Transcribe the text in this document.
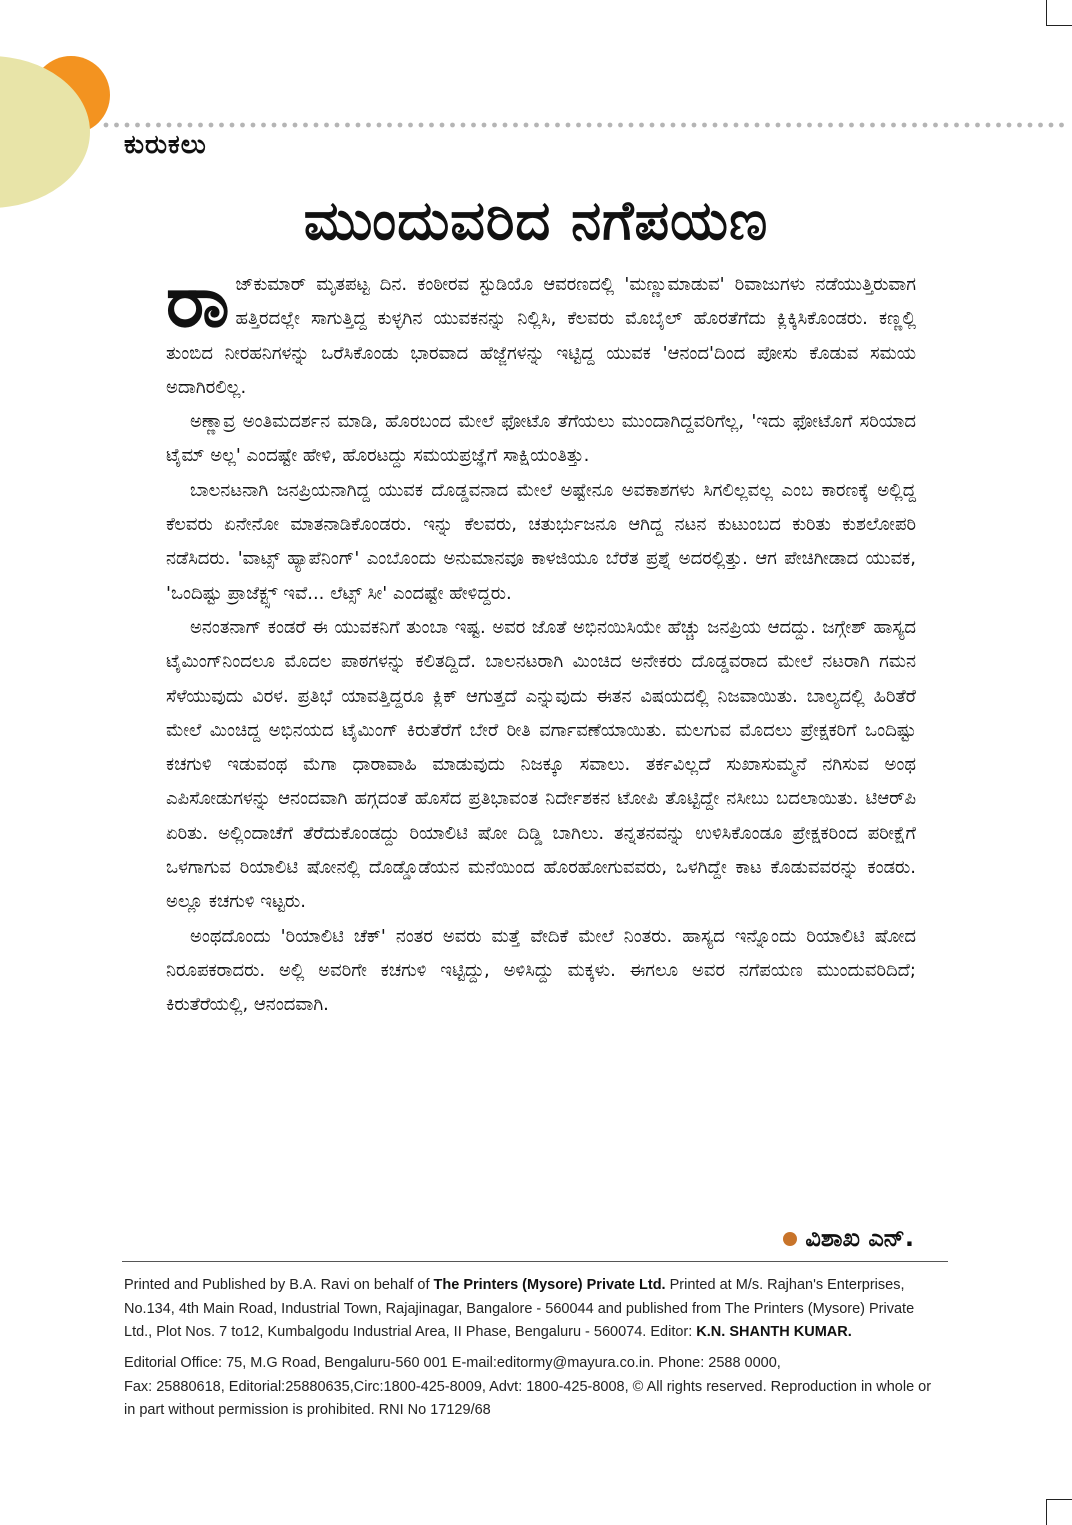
ಕುರುಕಲು
ಮುಂದುವರಿದ ನಗೆಪಯಣ

ರಾಜ್‌ಕುಮಾರ್ ಮೃತಪಟ್ಟ ದಿನ. ಕಂಠೀರವ ಸ್ಟುಡಿಯೊ ಆವರಣದಲ್ಲಿ 'ಮಣ್ಣುಮಾಡುವ' ರಿವಾಜುಗಳು ನಡೆಯುತ್ತಿರುವಾಗ ಹತ್ತಿರದಲ್ಲೇ ಸಾಗುತ್ತಿದ್ದ ಕುಳ್ಳಗಿನ ಯುವಕನನ್ನು ನಿಲ್ಲಿಸಿ, ಕೆಲವರು ಮೊಬೈಲ್ ಹೊರತೆಗೆದು ಕ್ಲಿಕ್ಕಿಸಿಕೊಂಡರು. ಕಣ್ಣಲ್ಲಿ ತುಂಬಿದ ನೀರಹನಿಗಳನ್ನು ಒರೆಸಿಕೊಂಡು ಭಾರವಾದ ಹೆಜ್ಜೆಗಳನ್ನು ಇಟ್ಟಿದ್ದ ಯುವಕ 'ಆನಂದ'ದಿಂದ ಪೋಸು ಕೊಡುವ ಸಮಯ ಅದಾಗಿರಲಿಲ್ಲ.

ಅಣ್ಣಾವ್ರ ಅಂತಿಮದರ್ಶನ ಮಾಡಿ, ಹೊರಬಂದ ಮೇಲೆ ಫೋಟೊ ತೆಗೆಯಲು ಮುಂದಾಗಿದ್ದವರಿಗೆಲ್ಲ, 'ಇದು ಫೋಟೊಗೆ ಸರಿಯಾದ ಟೈಮ್ ಅಲ್ಲ' ಎಂದಷ್ಟೇ ಹೇಳಿ, ಹೊರಟದ್ದು ಸಮಯಪ್ರಜ್ಞೆಗೆ ಸಾಕ್ಷಿಯಂತಿತ್ತು.

ಬಾಲನಟನಾಗಿ ಜನಪ್ರಿಯನಾಗಿದ್ದ ಯುವಕ ದೊಡ್ಡವನಾದ ಮೇಲೆ ಅಷ್ಟೇನೂ ಅವಕಾಶಗಳು ಸಿಗಲಿಲ್ಲವಲ್ಲ ಎಂಬ ಕಾರಣಕ್ಕೆ ಅಲ್ಲಿದ್ದ ಕೆಲವರು ಏನೇನೋ ಮಾತನಾಡಿಕೊಂಡರು. ಇನ್ನು ಕೆಲವರು, ಚತುರ್ಭುಜನೂ ಆಗಿದ್ದ ನಟನ ಕುಟುಂಬದ ಕುರಿತು ಕುಶಲೋಪರಿ ನಡೆಸಿದರು. 'ವಾಟ್ಸ್ ಹ್ಯಾಪೆನಿಂಗ್' ಎಂಬೊಂದು ಅನುಮಾನವೂ ಕಾಳಜಿಯೂ ಬೆರೆತ ಪ್ರಶ್ನೆ ಅದರಲ್ಲಿತ್ತು. ಆಗ ಪೇಚಿಗೀಡಾದ ಯುವಕ, 'ಒಂದಿಷ್ಟು ಪ್ರಾಜೆಕ್ಟ್ಸ್ ಇವೆ... ಲೆಟ್ಸ್ ಸೀ' ಎಂದಷ್ಟೇ ಹೇಳಿದ್ದರು.

ಅನಂತನಾಗ್ ಕಂಡರೆ ಈ ಯುವಕನಿಗೆ ತುಂಬಾ ಇಷ್ಟ. ಅವರ ಜೊತೆ ಅಭಿನಯಿಸಿಯೇ ಹೆಚ್ಚು ಜನಪ್ರಿಯ ಆದದ್ದು. ಜಗ್ಗೇಶ್ ಹಾಸ್ಯದ ಟೈಮಿಂಗ್‌ನಿಂದಲೂ ಮೊದಲ ಪಾಠಗಳನ್ನು ಕಲಿತದ್ದಿದೆ. ಬಾಲನಟರಾಗಿ ಮಿಂಚಿದ ಅನೇಕರು ದೊಡ್ಡವರಾದ ಮೇಲೆ ನಟರಾಗಿ ಗಮನ ಸೆಳೆಯುವುದು ವಿರಳ. ಪ್ರತಿಭೆ ಯಾವತ್ತಿದ್ದರೂ ಕ್ಲಿಕ್ ಆಗುತ್ತದೆ ಎನ್ನುವುದು ಈತನ ವಿಷಯದಲ್ಲಿ ನಿಜವಾಯಿತು. ಬಾಲ್ಯದಲ್ಲಿ ಹಿರಿತೆರೆ ಮೇಲೆ ಮಿಂಚಿದ್ದ ಅಭಿನಯದ ಟೈಮಿಂಗ್ ಕಿರುತೆರೆಗೆ ಬೇರೆ ರೀತಿ ವರ್ಗಾವಣೆಯಾಯಿತು. ಮಲಗುವ ಮೊದಲು ಪ್ರೇಕ್ಷಕರಿಗೆ ಒಂದಿಷ್ಟು ಕಚಗುಳಿ ಇಡುವಂಥ ಮೆಗಾ ಧಾರಾವಾಹಿ ಮಾಡುವುದು ನಿಜಕ್ಕೂ ಸವಾಲು. ತರ್ಕವಿಲ್ಲದೆ ಸುಖಾಸುಮ್ಮನೆ ನಗಿಸುವ ಅಂಥ ಎಪಿಸೋಡುಗಳನ್ನು ಆನಂದವಾಗಿ ಹಗ್ಗದಂತೆ ಹೊಸೆದ ಪ್ರತಿಭಾವಂತ ನಿರ್ದೇಶಕನ ಟೋಪಿ ತೊಟ್ಟಿದ್ದೇ ನಸೀಬು ಬದಲಾಯಿತು. ಟಿಆರ್‌ಪಿ ಏರಿತು. ಅಲ್ಲಿಂದಾಚೆಗೆ ತೆರೆದುಕೊಂಡದ್ದು ರಿಯಾಲಿಟಿ ಷೋ ದಿಡ್ಡಿ ಬಾಗಿಲು. ತನ್ನತನವನ್ನು ಉಳಿಸಿಕೊಂಡೂ ಪ್ರೇಕ್ಷಕರಿಂದ ಪರೀಕ್ಷೆಗೆ ಒಳಗಾಗುವ ರಿಯಾಲಿಟಿ ಷೋನಲ್ಲಿ ದೊಡ್ಡೊಡೆಯನ ಮನೆಯಿಂದ ಹೊರಹೋಗುವವರು, ಒಳಗಿದ್ದೇ ಕಾಟ ಕೊಡುವವರನ್ನು ಕಂಡರು. ಅಲ್ಲೂ ಕಚಗುಳಿ ಇಟ್ಟರು.

ಅಂಥದೊಂದು 'ರಿಯಾಲಿಟಿ ಚೆಕ್' ನಂತರ ಅವರು ಮತ್ತೆ ವೇದಿಕೆ ಮೇಲೆ ನಿಂತರು. ಹಾಸ್ಯದ ಇನ್ನೊಂದು ರಿಯಾಲಿಟಿ ಷೋದ ನಿರೂಪಕರಾದರು. ಅಲ್ಲಿ ಅವರಿಗೇ ಕಚಗುಳಿ ಇಟ್ಟಿದ್ದು, ಅಳಿಸಿದ್ದು ಮಕ್ಕಳು. ಈಗಲೂ ಅವರ ನಗೆಪಯಣ ಮುಂದುವರಿದಿದೆ; ಕಿರುತೆರೆಯಲ್ಲಿ, ಆನಂದವಾಗಿ.

ವಿಶಾಖ ಎನ್.
Printed and Published by B.A. Ravi on behalf of The Printers (Mysore) Private Ltd. Printed at M/s. Rajhan's Enterprises, No.134, 4th Main Road, Industrial Town, Rajajinagar, Bangalore - 560044 and published from The Printers (Mysore) Private Ltd., Plot Nos. 7 to12, Kumbalgodu Industrial Area, II Phase, Bengaluru - 560074. Editor: K.N. SHANTH KUMAR.
Editorial Office: 75, M.G Road, Bengaluru-560 001 E-mail:editormy@mayura.co.in. Phone: 2588 0000,
Fax: 25880618, Editorial:25880635,Circ:1800-425-8009, Advt: 1800-425-8008, © All rights reserved. Reproduction in whole or in part without permission is prohibited. RNI No 17129/68
